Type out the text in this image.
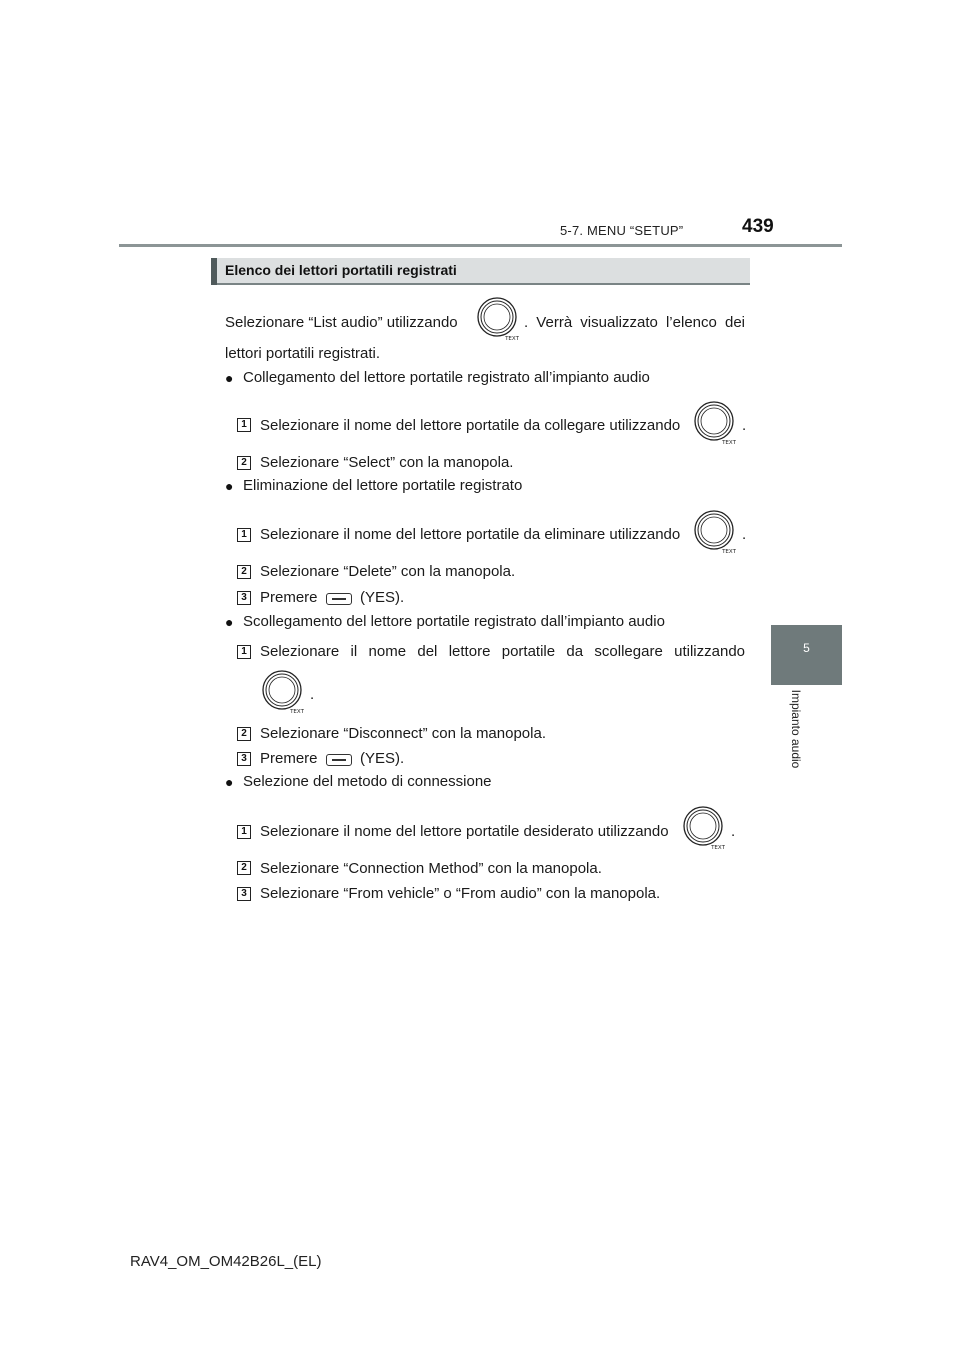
5-7. MENU “SETUP”	439
5
Impianto audio
Elenco dei lettori portatili registrati
Selezionare “List audio” utilizzando
TEXT
. Verrà visualizzato l’elenco dei
lettori portatili registrati.
● Collegamento del lettore portatile registrato all’impianto audio
1 Selezionare il nome del lettore portatile da collegare utilizzando
TEXT
.
2 Selezionare “Select” con la manopola.
● Eliminazione del lettore portatile registrato
1 Selezionare il nome del lettore portatile da eliminare utilizzando
TEXT
.
2 Selezionare “Delete” con la manopola.
3 Premere	(YES).
● Scollegamento del lettore portatile registrato dall’impianto audio
1 Selezionare il nome del lettore portatile da scollegare utilizzando
TEXT
.
2 Selezionare “Disconnect” con la manopola.
3 Premere	(YES).
● Selezione del metodo di connessione
1 Selezionare il nome del lettore portatile desiderato utilizzando
TEXT
.
2 Selezionare “Connection Method” con la manopola.
3 Selezionare “From vehicle” o “From audio” con la manopola.
RAV4_OM_OM42B26L_(EL)
